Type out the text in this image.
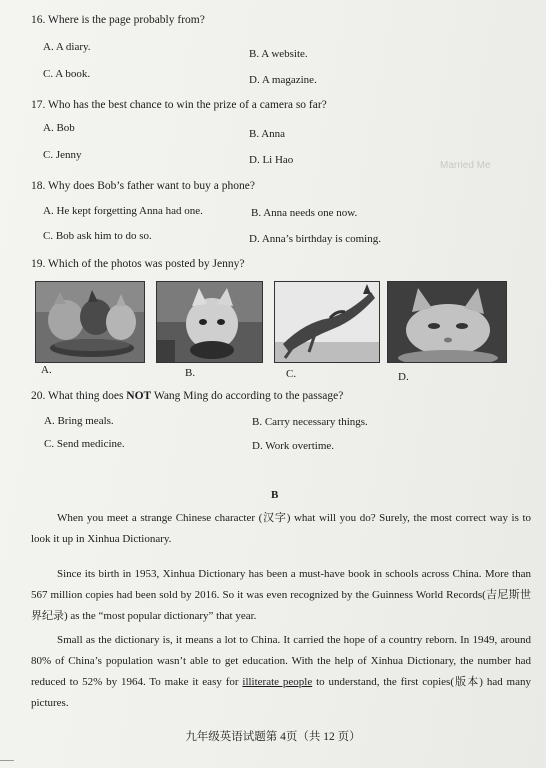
Married Me
16. Where is the page probably from?
A. A diary.
B. A website.
C. A book.	D. A magazine.
17. Who has the best chance to win the prize of a camera so far?
A. Bob	B. Anna
C. Jenny	D. Li Hao
18. Why does Bob’s father want to buy a phone?
A. He kept forgetting Anna had one.	B. Anna needs one now.
C. Bob ask him to do so.	D. Anna’s birthday is coming.
19. Which of the photos was posted by Jenny?
A.	B.	C.	D.
20. What thing does NOT Wang Ming do according to the passage?
A. Bring meals.	B. Carry necessary things.
C. Send medicine.	D. Work overtime.
B

When you meet a strange Chinese character (汉字) what will you do? Surely, the most correct way is to look it up in Xinhua Dictionary.

Since its birth in 1953, Xinhua Dictionary has been a must-have book in schools across China. More than 567 million copies had been sold by 2016. So it was even recognized by the Guinness World Records(吉尼斯世界纪录) as the “most popular dictionary” that year.

Small as the dictionary is, it means a lot to China. It carried the hope of a country reborn. In 1949, around 80% of China’s population wasn’t able to get education. With the help of Xinhua Dictionary, the number had reduced to 52% by 1964. To make it easy for illiterate people to understand, the first copies(版本) had many pictures.

九年级英语试题第 4页（共 12 页）
